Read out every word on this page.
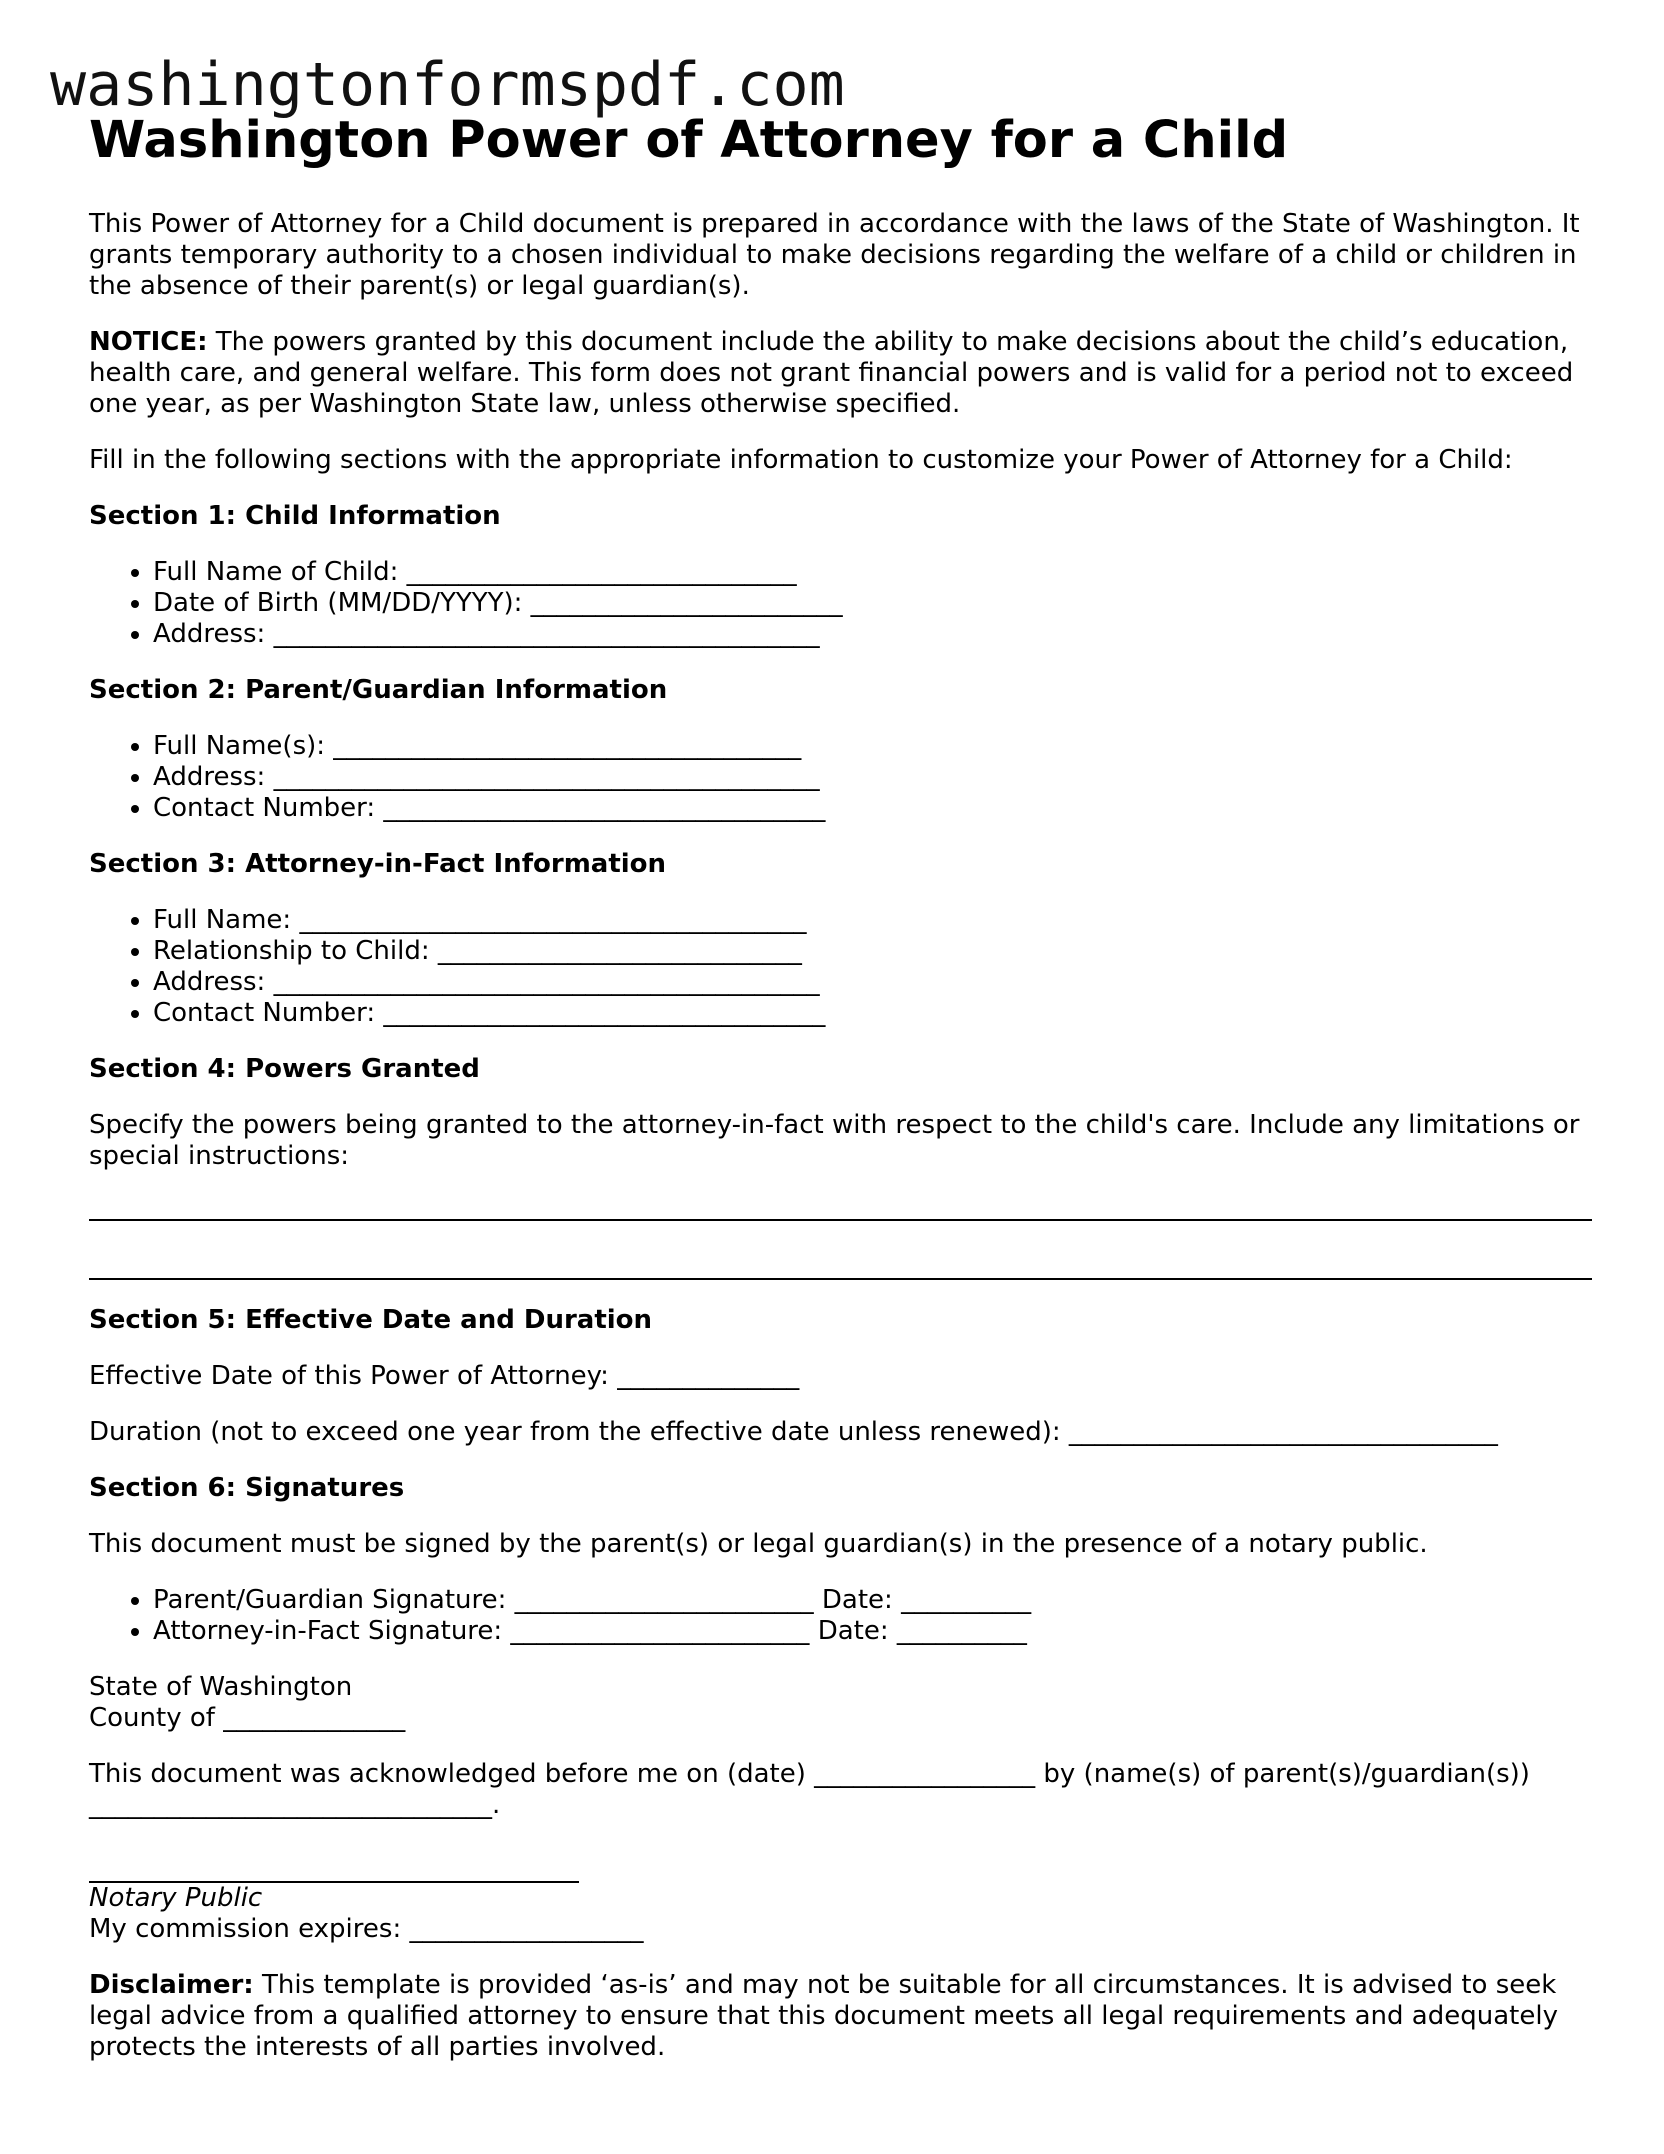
washingtonformspdf.com
Washington Power of Attorney for a Child

This Power of Attorney for a Child document is prepared in accordance with the laws of the State of Washington. It grants temporary authority to a chosen individual to make decisions regarding the welfare of a child or children in the absence of their parent(s) or legal guardian(s).

NOTICE: The powers granted by this document include the ability to make decisions about the child’s education, health care, and general welfare. This form does not grant financial powers and is valid for a period not to exceed one year, as per Washington State law, unless otherwise specified.

Fill in the following sections with the appropriate information to customize your Power of Attorney for a Child:

Section 1: Child Information

• Full Name of Child: ______________________________
• Date of Birth (MM/DD/YYYY): ________________________
• Address: __________________________________________

Section 2: Parent/Guardian Information

• Full Name(s): ____________________________________
• Address: __________________________________________
• Contact Number: __________________________________

Section 3: Attorney-in-Fact Information

• Full Name: _______________________________________
• Relationship to Child: ____________________________
• Address: __________________________________________
• Contact Number: __________________________________

Section 4: Powers Granted

Specify the powers being granted to the attorney-in-fact with respect to the child's care. Include any limitations or special instructions:

Section 5: Effective Date and Duration

Effective Date of this Power of Attorney: ______________

Duration (not to exceed one year from the effective date unless renewed): _________________________________

Section 6: Signatures

This document must be signed by the parent(s) or legal guardian(s) in the presence of a notary public.

• Parent/Guardian Signature: _______________________ Date: __________
• Attorney-in-Fact Signature: _______________________ Date: __________

State of Washington

County of ______________

This document was acknowledged before me on (date) _________________ by (name(s) of parent(s)/guardian(s))

_______________________________.

Notary Public

My commission expires: __________________

Disclaimer: This template is provided ‘as-is’ and may not be suitable for all circumstances. It is advised to seek legal advice from a qualified attorney to ensure that this document meets all legal requirements and adequately protects the interests of all parties involved.
